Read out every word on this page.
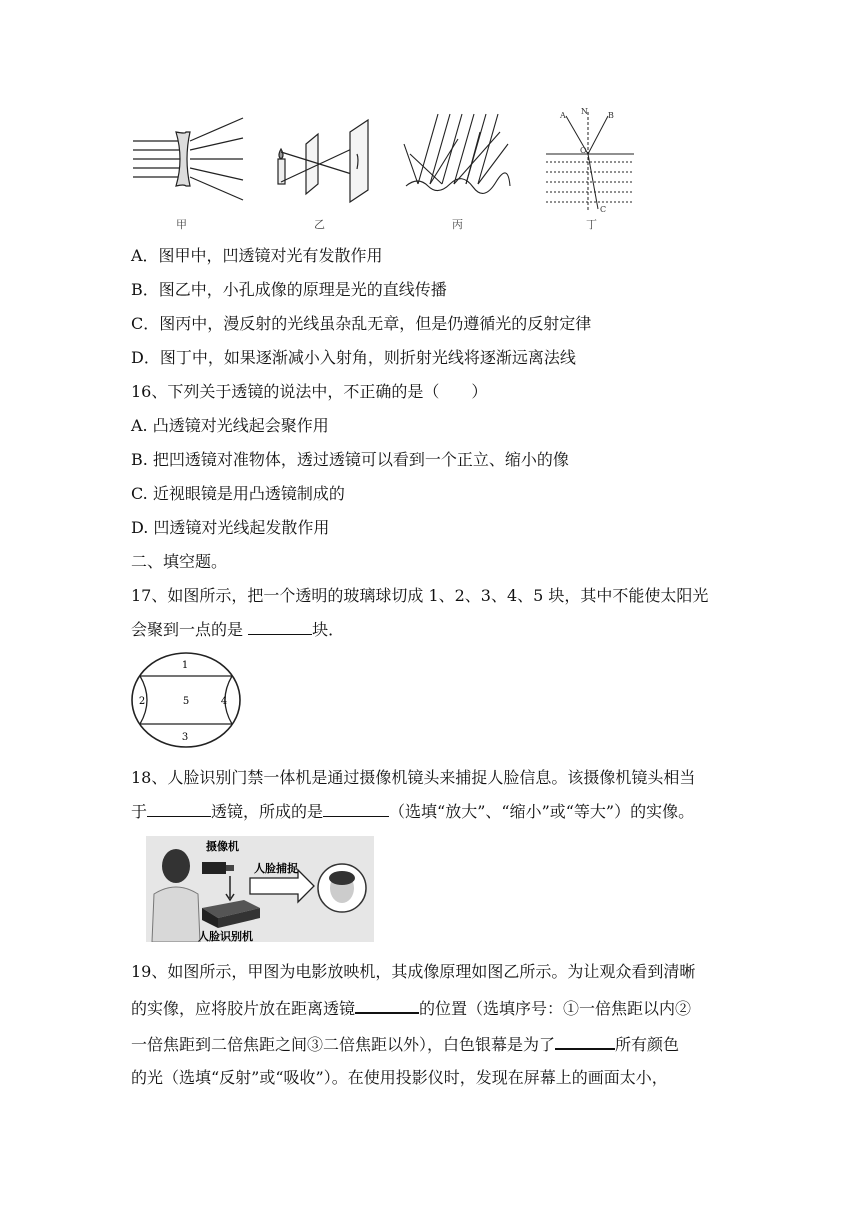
N
A	B
O
C
甲	乙	丙	丁
A．图甲中，凹透镜对光有发散作用
B．图乙中，小孔成像的原理是光的直线传播
C．图丙中，漫反射的光线虽杂乱无章，但是仍遵循光的反射定律
D．图丁中，如果逐渐减小入射角，则折射光线将逐渐远离法线
16、下列关于透镜的说法中，不正确的是（　　）
A. 凸透镜对光线起会聚作用
B. 把凹透镜对准物体，透过透镜可以看到一个正立、缩小的像
C. 近视眼镜是用凸透镜制成的
D. 凹透镜对光线起发散作用
二、填空题。
17、如图所示，把一个透明的玻璃球切成 1、2、3、4、5 块，其中不能使太阳光
会聚到一点的是	块．
1
2	5	4
3
18、人脸识别门禁一体机是通过摄像机镜头来捕捉人脸信息。该摄像机镜头相当
于	透镜，所成的是	（选填“放大”、“缩小”或“等大”）的实像。
摄像机
人脸捕捉
人脸识别机
19、如图所示，甲图为电影放映机，其成像原理如图乙所示。为让观众看到清晰
的实像，应将胶片放在距离透镜	的位置（选填序号：①一倍焦距以内②
一倍焦距到二倍焦距之间③二倍焦距以外），白色银幕是为了	所有颜色
的光（选填“反射”或“吸收”）。在使用投影仪时，发现在屏幕上的画面太小，
